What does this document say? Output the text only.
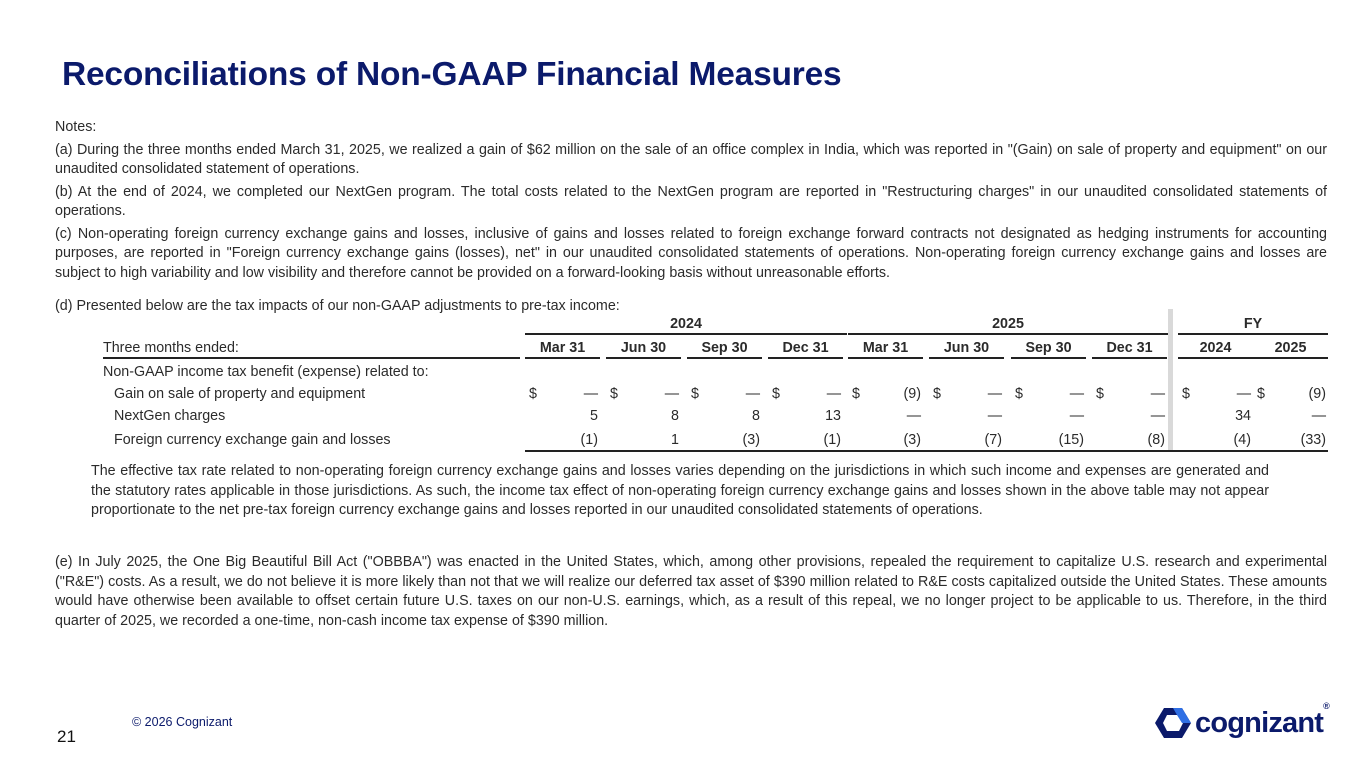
Reconciliations of Non-GAAP Financial Measures

Notes:

(a) During the three months ended March 31, 2025, we realized a gain of $62 million on the sale of an office complex in India, which was reported in "(Gain) on sale of property and equipment" on our unaudited consolidated statement of operations.

(b) At the end of 2024, we completed our NextGen program. The total costs related to the NextGen program are reported in "Restructuring charges" in our unaudited consolidated statements of operations.

(c) Non-operating foreign currency exchange gains and losses, inclusive of gains and losses related to foreign exchange forward contracts not designated as hedging instruments for accounting purposes, are reported in "Foreign currency exchange gains (losses), net" in our unaudited consolidated statements of operations. Non-operating foreign currency exchange gains and losses are subject to high variability and low visibility and therefore cannot be provided on a forward-looking basis without unreasonable efforts.

(d) Presented below are the tax impacts of our non-GAAP adjustments to pre-tax income:

2024	2025	FY
Three months ended:	Mar 31	Jun 30	Sep 30	Dec 31	Mar 31	Jun 30	Sep 30	Dec 31	2024	2025
Non-GAAP income tax benefit (expense) related to:
Gain on sale of property and equipment	$	— $	— $	— $	— $	(9) $	— $	— $	— $	— $	(9)
NextGen charges	5	8	8	13	—	—	—	—	34	—
Foreign currency exchange gain and losses	(1)	1	(3)	(1)	(3)	(7)	(15)	(8)	(4)	(33)

The effective tax rate related to non-operating foreign currency exchange gains and losses varies depending on the jurisdictions in which such income and expenses are generated and the statutory rates applicable in those jurisdictions. As such, the income tax effect of non-operating foreign currency exchange gains and losses shown in the above table may not appear proportionate to the net pre-tax foreign currency exchange gains and losses reported in our unaudited consolidated statements of operations.

(e) In July 2025, the One Big Beautiful Bill Act ("OBBBA") was enacted in the United States, which, among other provisions, repealed the requirement to capitalize U.S. research and experimental ("R&E") costs. As a result, we do not believe it is more likely than not that we will realize our deferred tax asset of $390 million related to R&E costs capitalized outside the United States. These amounts would have otherwise been available to offset certain future U.S. taxes on our non-U.S. earnings, which, as a result of this repeal, we no longer project to be applicable to us. Therefore, in the third quarter of 2025, we recorded a one-time, non-cash income tax expense of $390 million.

© 2026 Cognizant
21	cognizant®
